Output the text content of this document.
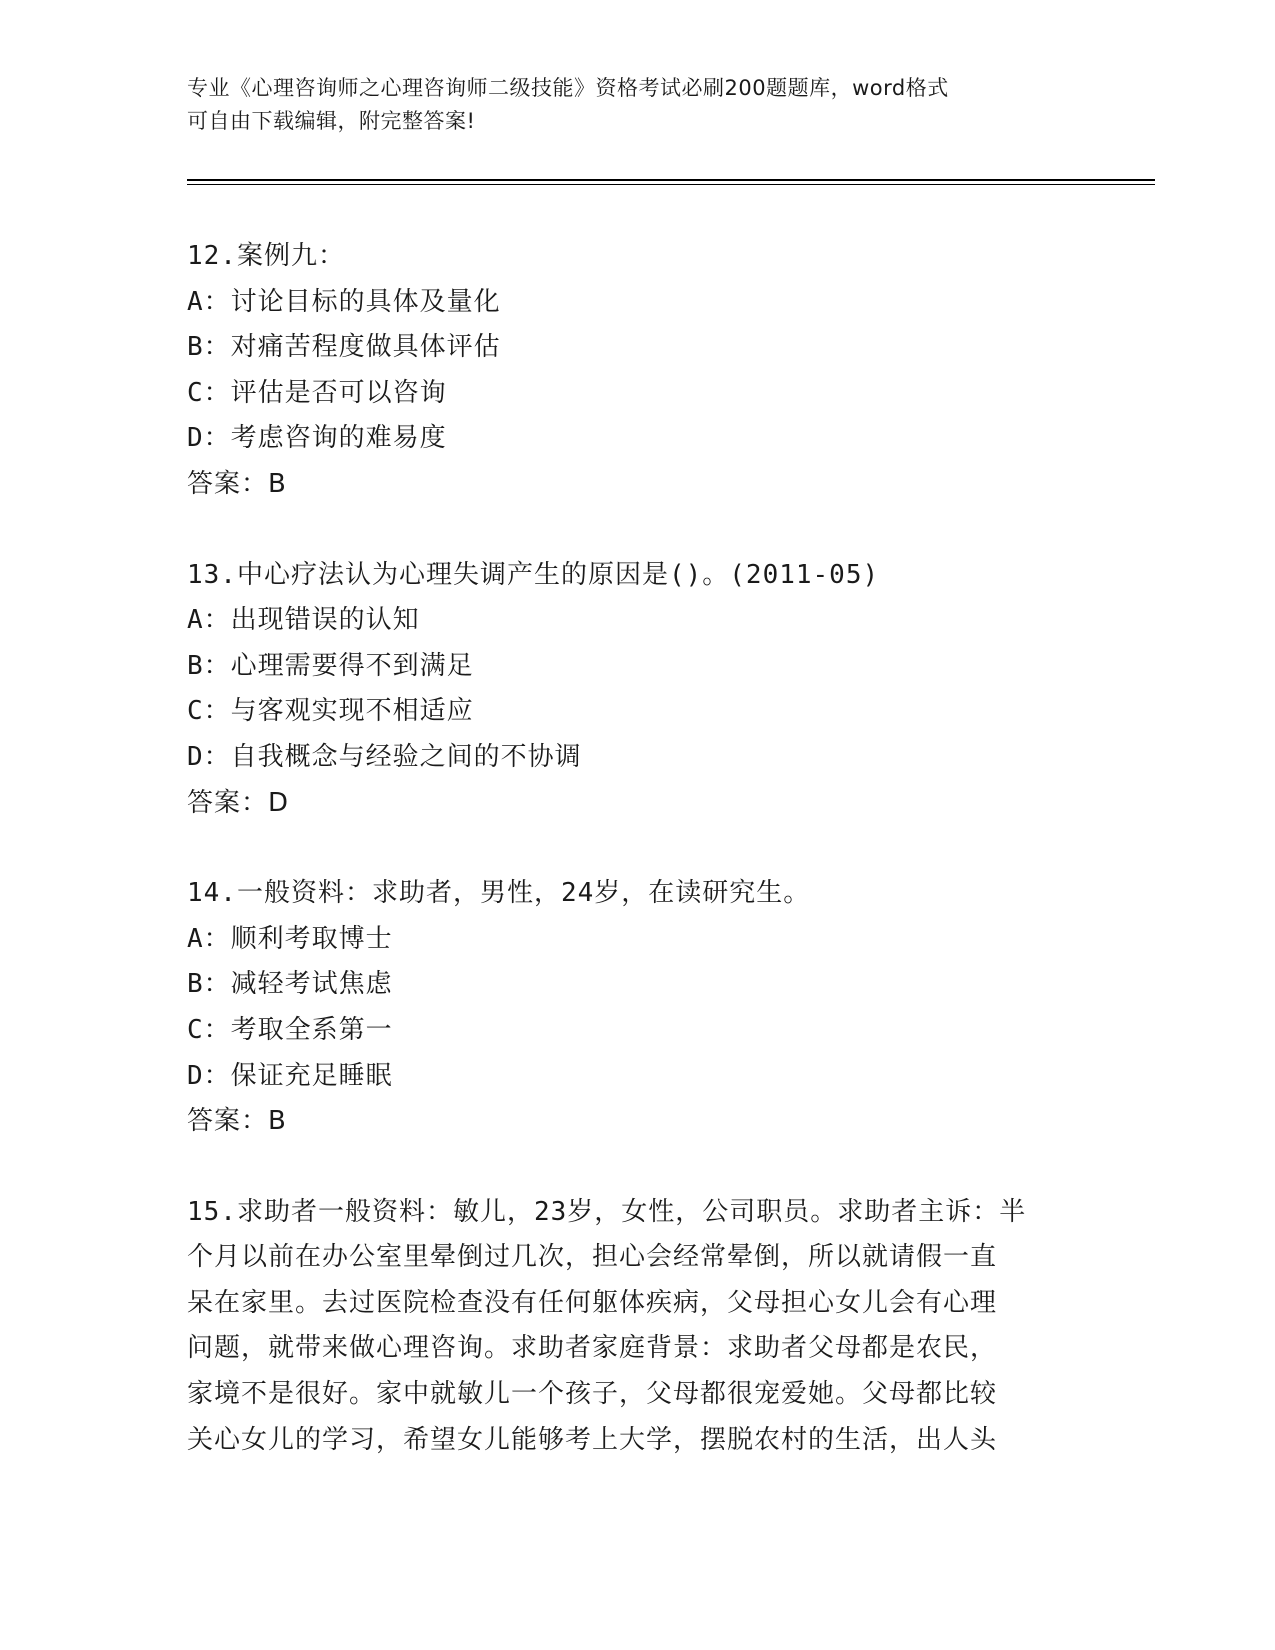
专业《心理咨询师之心理咨询师二级技能》资格考试必刷200题题库，word格式
可自由下载编辑，附完整答案!
12.案例九：
A：讨论目标的具体及量化
B：对痛苦程度做具体评估
C：评估是否可以咨询
D：考虑咨询的难易度
答案：B
13.中心疗法认为心理失调产生的原因是()。(2011-05)
A：出现错误的认知
B：心理需要得不到满足
C：与客观实现不相适应
D：自我概念与经验之间的不协调
答案：D
14.一般资料：求助者，男性，24岁，在读研究生。
A：顺利考取博士
B：减轻考试焦虑
C：考取全系第一
D：保证充足睡眠
答案：B
15.求助者一般资料：敏儿，23岁，女性，公司职员。求助者主诉：半
个月以前在办公室里晕倒过几次，担心会经常晕倒，所以就请假一直
呆在家里。去过医院检查没有任何躯体疾病，父母担心女儿会有心理
问题，就带来做心理咨询。求助者家庭背景：求助者父母都是农民，
家境不是很好。家中就敏儿一个孩子，父母都很宠爱她。父母都比较
关心女儿的学习，希望女儿能够考上大学，摆脱农村的生活，出人头
